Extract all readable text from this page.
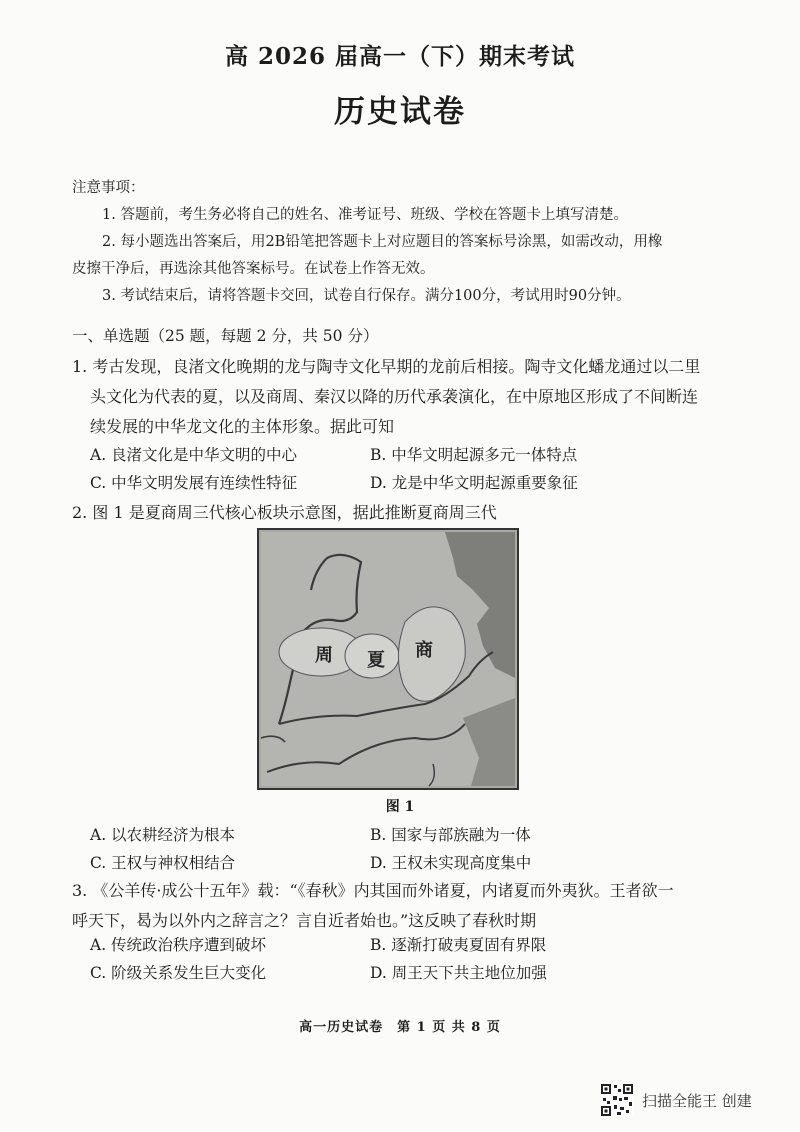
高 2026 届高一（下）期末考试
历史试卷

注意事项：

1. 答题前，考生务必将自己的姓名、准考证号、班级、学校在答题卡上填写清楚。

2. 每小题选出答案后，用2B铅笔把答题卡上对应题目的答案标号涂黑，如需改动，用橡

皮擦干净后，再选涂其他答案标号。在试卷上作答无效。

3. 考试结束后，请将答题卡交回，试卷自行保存。满分100分，考试用时90分钟。

一、单选题（25 题，每题 2 分，共 50 分）

1. 考古发现，良渚文化晚期的龙与陶寺文化早期的龙前后相接。陶寺文化蟠龙通过以二里

头文化为代表的夏，以及商周、秦汉以降的历代承袭演化，在中原地区形成了不间断连

续发展的中华龙文化的主体形象。据此可知

A. 良渚文化是中华文明的中心	B. 中华文明起源多元一体特点
C. 中华文明发展有连续性特征	D. 龙是中华文明起源重要象征

2. 图 1 是夏商周三代核心板块示意图，据此推断夏商周三代

周 夏 商
图 1
A. 以农耕经济为根本	B. 国家与部族融为一体
C. 王权与神权相结合	D. 王权未实现高度集中

3. 《公羊传·成公十五年》载：“《春秋》内其国而外诸夏，内诸夏而外夷狄。王者欲一

呼天下，曷为以外内之辞言之？言自近者始也。”这反映了春秋时期

A. 传统政治秩序遭到破坏	B. 逐渐打破夷夏固有界限
C. 阶级关系发生巨大变化	D. 周王天下共主地位加强
高一历史试卷　第 1 页 共 8 页
扫描全能王 创建
